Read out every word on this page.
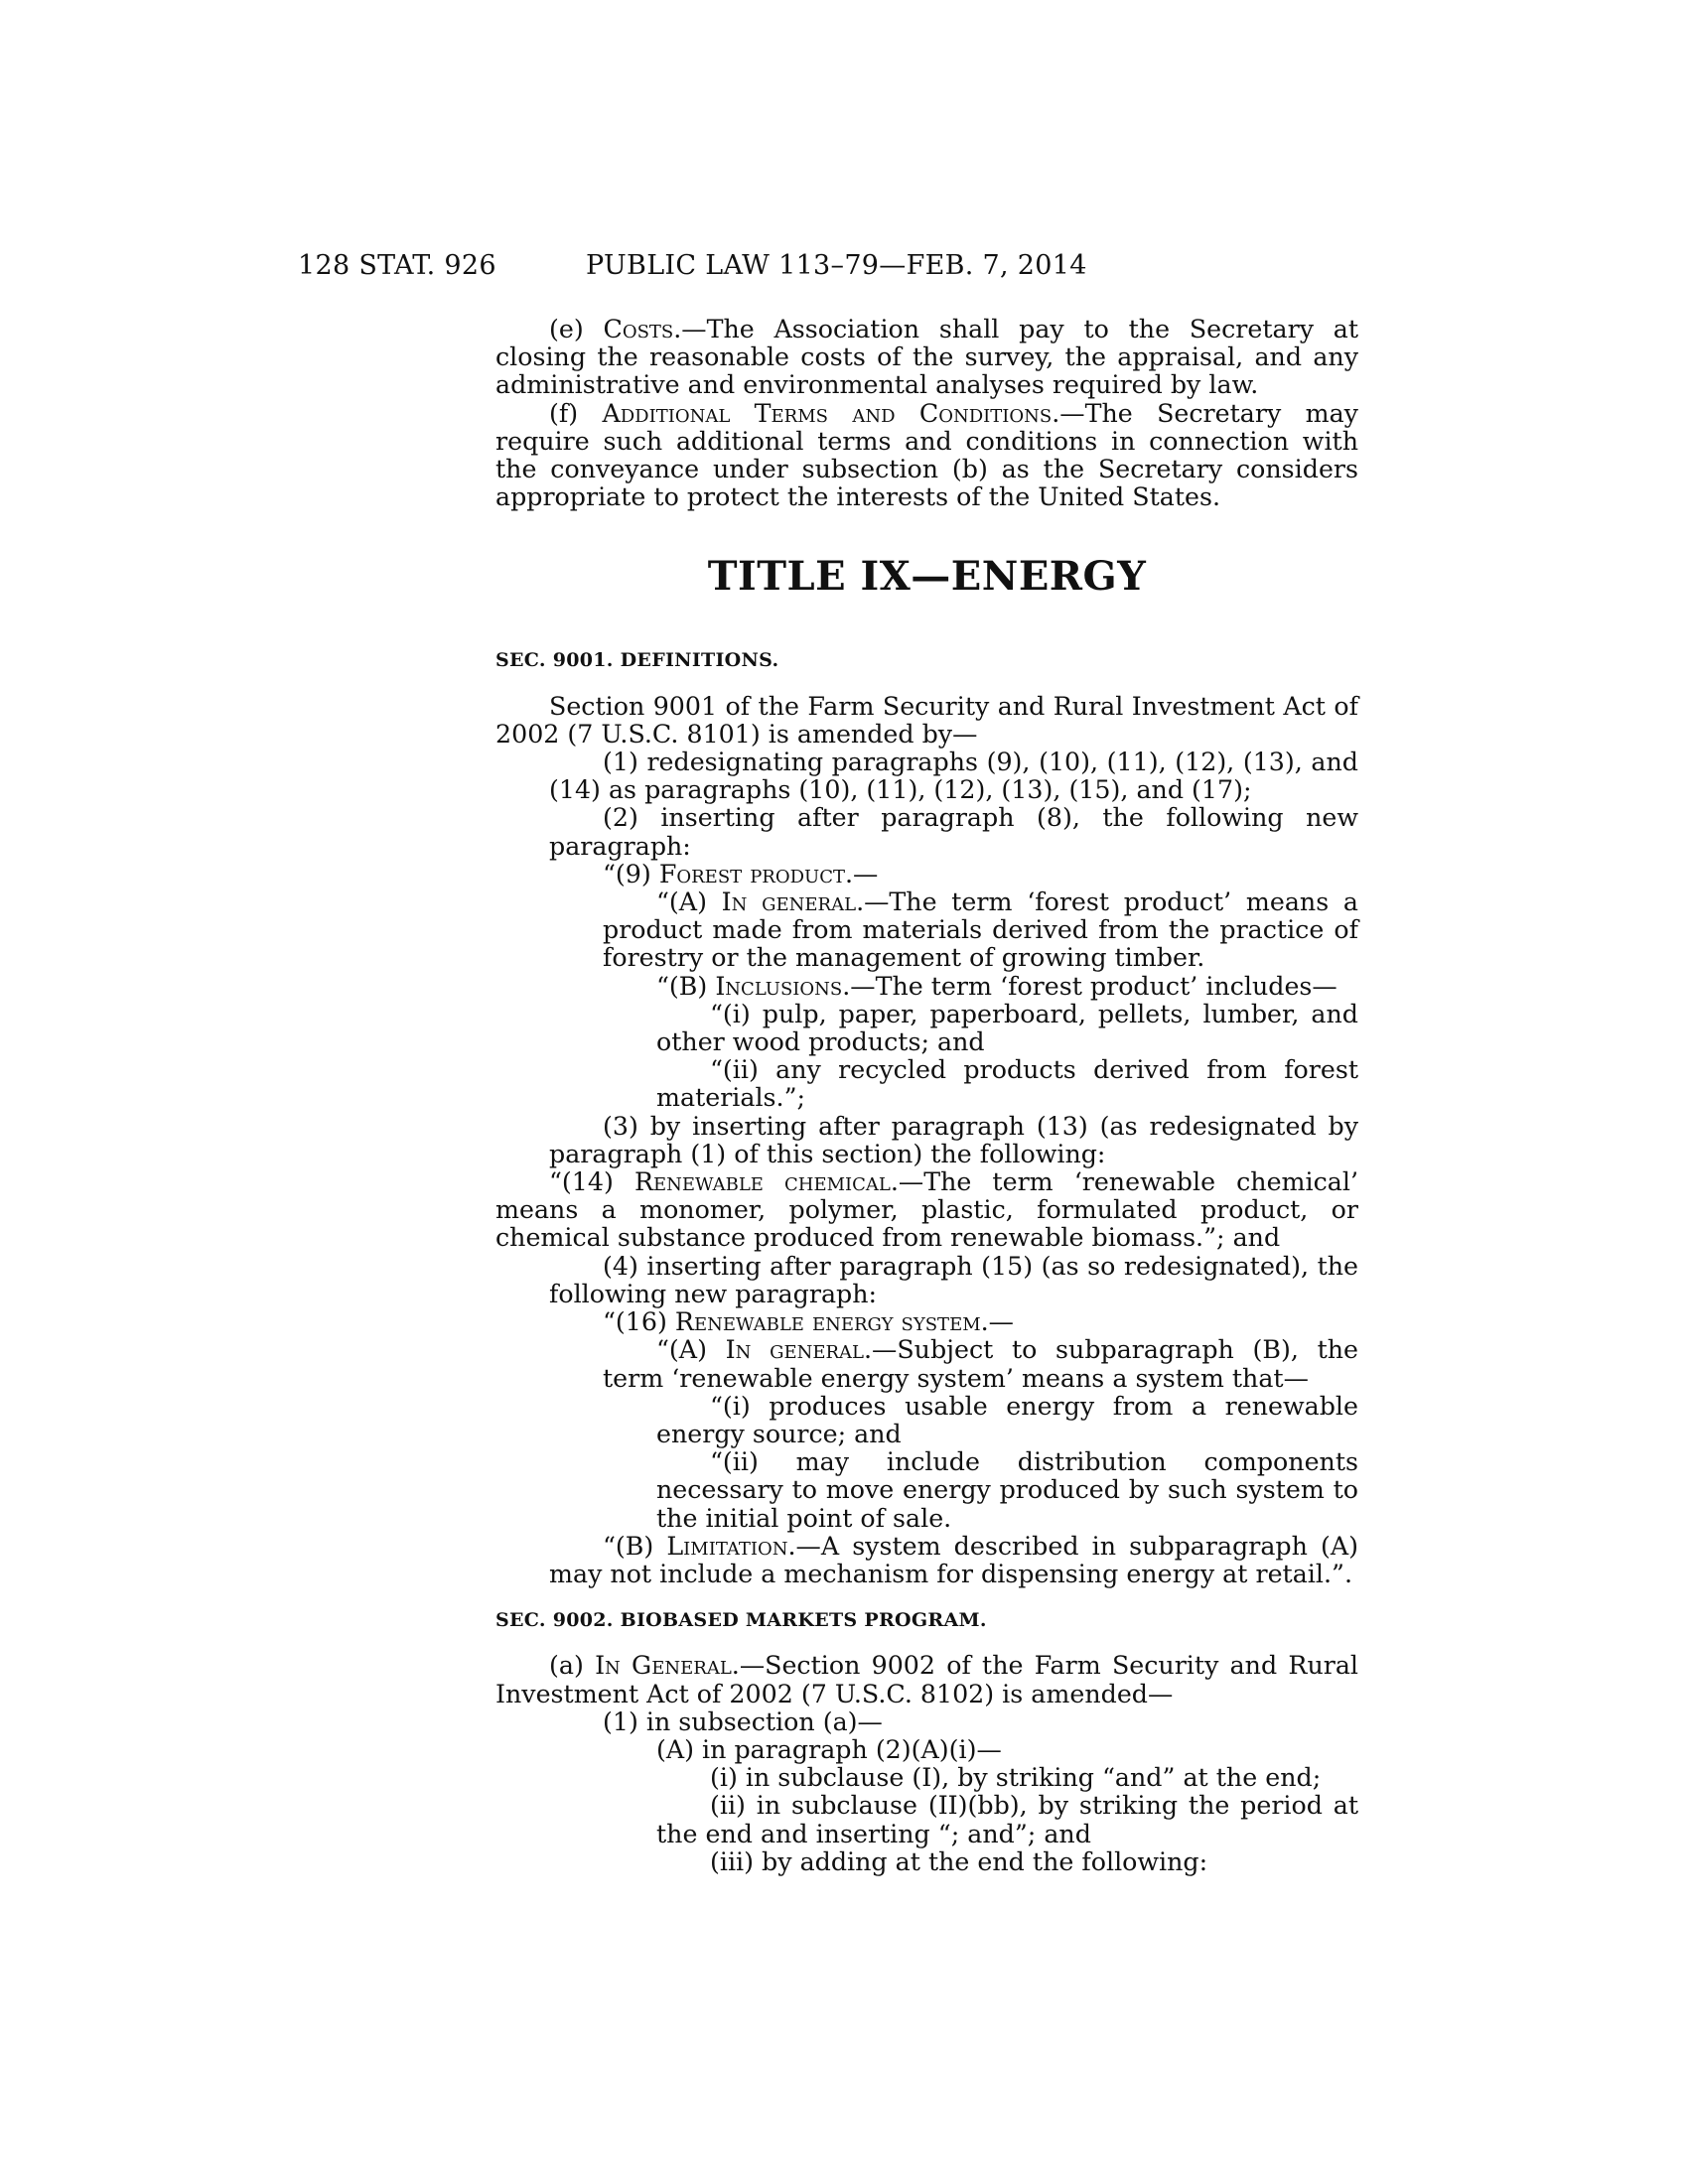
128 STAT. 926	PUBLIC LAW 113–79—FEB. 7, 2014

(e) Costs.—The Association shall pay to the Secretary at closing the reasonable costs of the survey, the appraisal, and any administrative and environmental analyses required by law.

(f) Additional Terms and Conditions.—The Secretary may require such additional terms and conditions in connection with the conveyance under subsection (b) as the Secretary considers appropriate to protect the interests of the United States.

TITLE IX—ENERGY

SEC. 9001. DEFINITIONS.

Section 9001 of the Farm Security and Rural Investment Act of 2002 (7 U.S.C. 8101) is amended by—

(1) redesignating paragraphs (9), (10), (11), (12), (13), and (14) as paragraphs (10), (11), (12), (13), (15), and (17);

(2) inserting after paragraph (8), the following new paragraph:

“(9) Forest product.—

“(A) In general.—The term ‘forest product’ means a product made from materials derived from the practice of forestry or the management of growing timber.

“(B) Inclusions.—The term ‘forest product’ includes—

“(i) pulp, paper, paperboard, pellets, lumber, and other wood products; and

“(ii) any recycled products derived from forest materials.”;

(3) by inserting after paragraph (13) (as redesignated by paragraph (1) of this section) the following:

“(14) Renewable chemical.—The term ‘renewable chemical’ means a monomer, polymer, plastic, formulated product, or chemical substance produced from renewable biomass.”; and

(4) inserting after paragraph (15) (as so redesignated), the following new paragraph:

“(16) Renewable energy system.—

“(A) In general.—Subject to subparagraph (B), the term ‘renewable energy system’ means a system that—

“(i) produces usable energy from a renewable energy source; and

“(ii) may include distribution components necessary to move energy produced by such system to the initial point of sale.

“(B) Limitation.—A system described in subparagraph (A) may not include a mechanism for dispensing energy at retail.”.

SEC. 9002. BIOBASED MARKETS PROGRAM.

(a) In General.—Section 9002 of the Farm Security and Rural Investment Act of 2002 (7 U.S.C. 8102) is amended—

(1) in subsection (a)—

(A) in paragraph (2)(A)(i)—

(i) in subclause (I), by striking “and” at the end;

(ii) in subclause (II)(bb), by striking the period at the end and inserting “; and”; and

(iii) by adding at the end the following:
